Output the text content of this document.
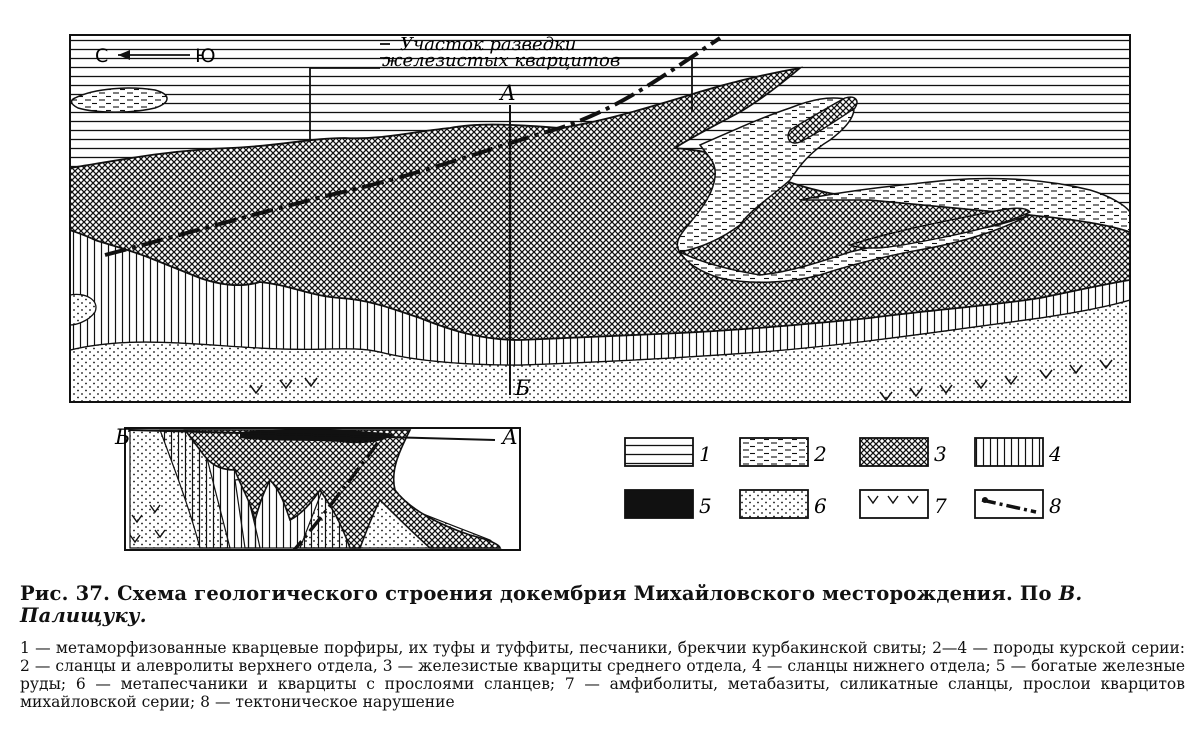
С	Ю
Участок разведки
железистых кварцитов
А
Б
Б	А
1	2	3	4
5	6	7	8
Рис. 37. Схема геологического строения докембрия Михайловского месторождения. По В. Палищуку.
1 — метаморфизованные кварцевые порфиры, их туфы и туффиты, песчаники, брекчии курбакинской свиты; 2—4 — породы курской серии: 2 — сланцы и алевролиты верхнего отдела, 3 — железистые кварциты среднего отдела, 4 — сланцы нижнего отдела; 5 — богатые железные руды; 6 — метапесчаники и кварциты с прослоями сланцев; 7 — амфиболиты, метабазиты, силикатные сланцы, прослои кварцитов михайловской серии; 8 — тектоническое нарушение
